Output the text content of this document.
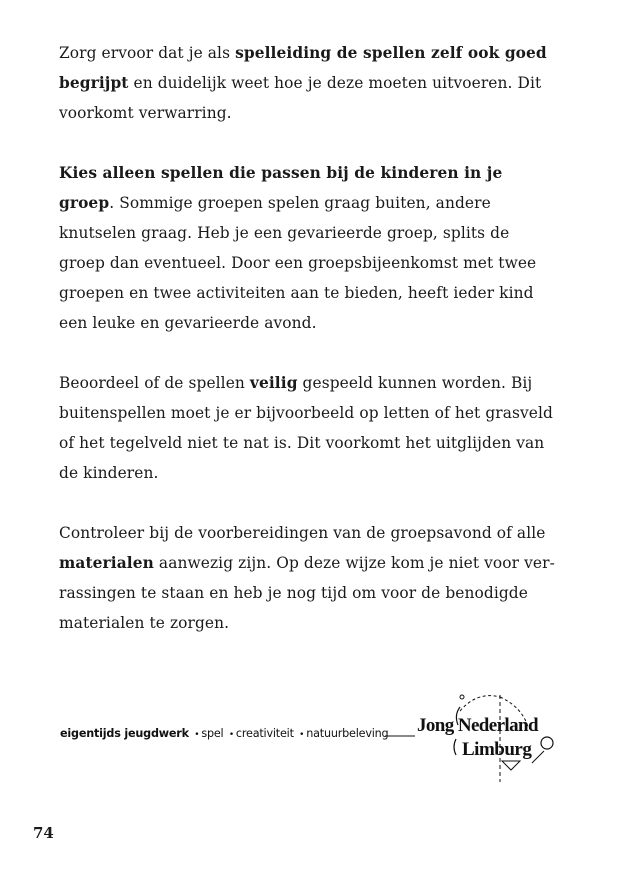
Zorg ervoor dat je als spelleiding de spellen zelf ook goed begrijpt en duidelijk weet hoe je deze moeten uitvoeren. Dit voorkomt verwarring.

Kies alleen spellen die passen bij de kinderen in je groep. Sommige groepen spelen graag buiten, andere knutselen graag. Heb je een gevarieerde groep, splits de groep dan eventueel. Door een groepsbijeenkomst met twee groepen en twee activiteiten aan te bieden, heeft ieder kind een leuke en gevarieerde avond.

Beoordeel of de spellen veilig gespeeld kunnen worden. Bij buitenspellen moet je er bijvoorbeeld op letten of het grasveld of het tegelveld niet te nat is. Dit voorkomt het uitglijden van de kinderen.

Controleer bij de voorbereidingen van de groepsavond of alle materialen aanwezig zijn. Op deze wijze kom je niet voor verrassingen te staan en heb je nog tijd om voor de benodigde materialen te zorgen.

eigentijds jeugdwerk • spel • creativiteit • natuurbeleving Jong Nederland
Limburg
74
